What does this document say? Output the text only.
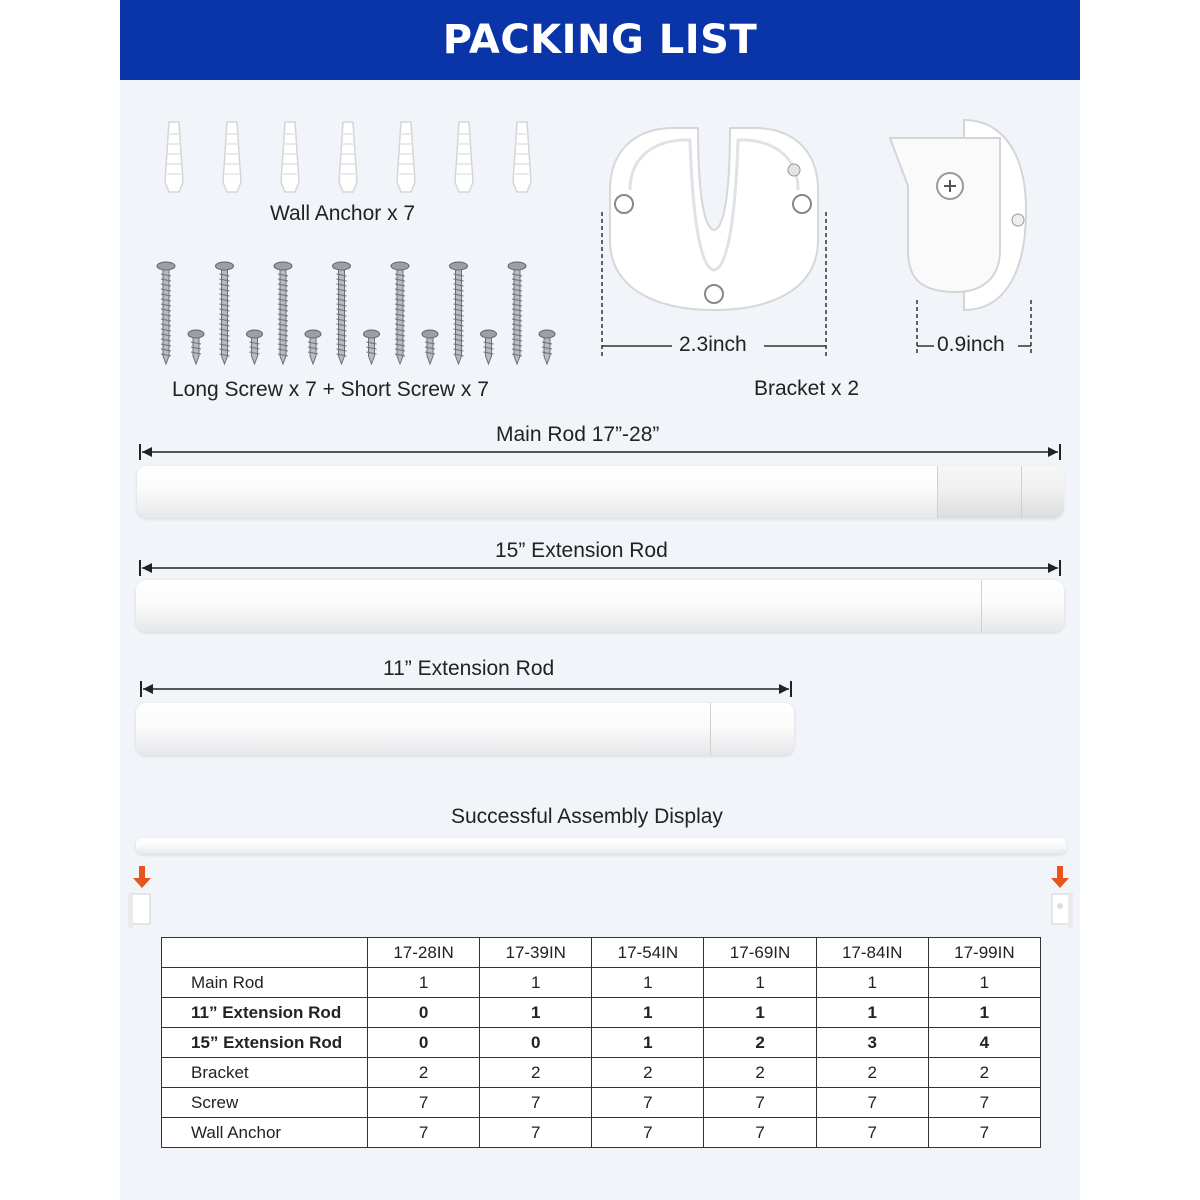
PACKING LIST
Wall Anchor x 7
Long Screw x 7 + Short Screw x 7
2.3inch	0.9inch
Bracket x 2
Main Rod 17”-28”
15” Extension Rod
11” Extension Rod
Successful Assembly Display
	17-28IN	17-39IN	17-54IN	17-69IN	17-84IN	17-99IN
Main Rod	1	1	1	1	1	1
11” Extension Rod	0	1	1	1	1	1
15” Extension Rod	0	0	1	2	3	4
Bracket	2	2	2	2	2	2
Screw	7	7	7	7	7	7
Wall Anchor	7	7	7	7	7	7
